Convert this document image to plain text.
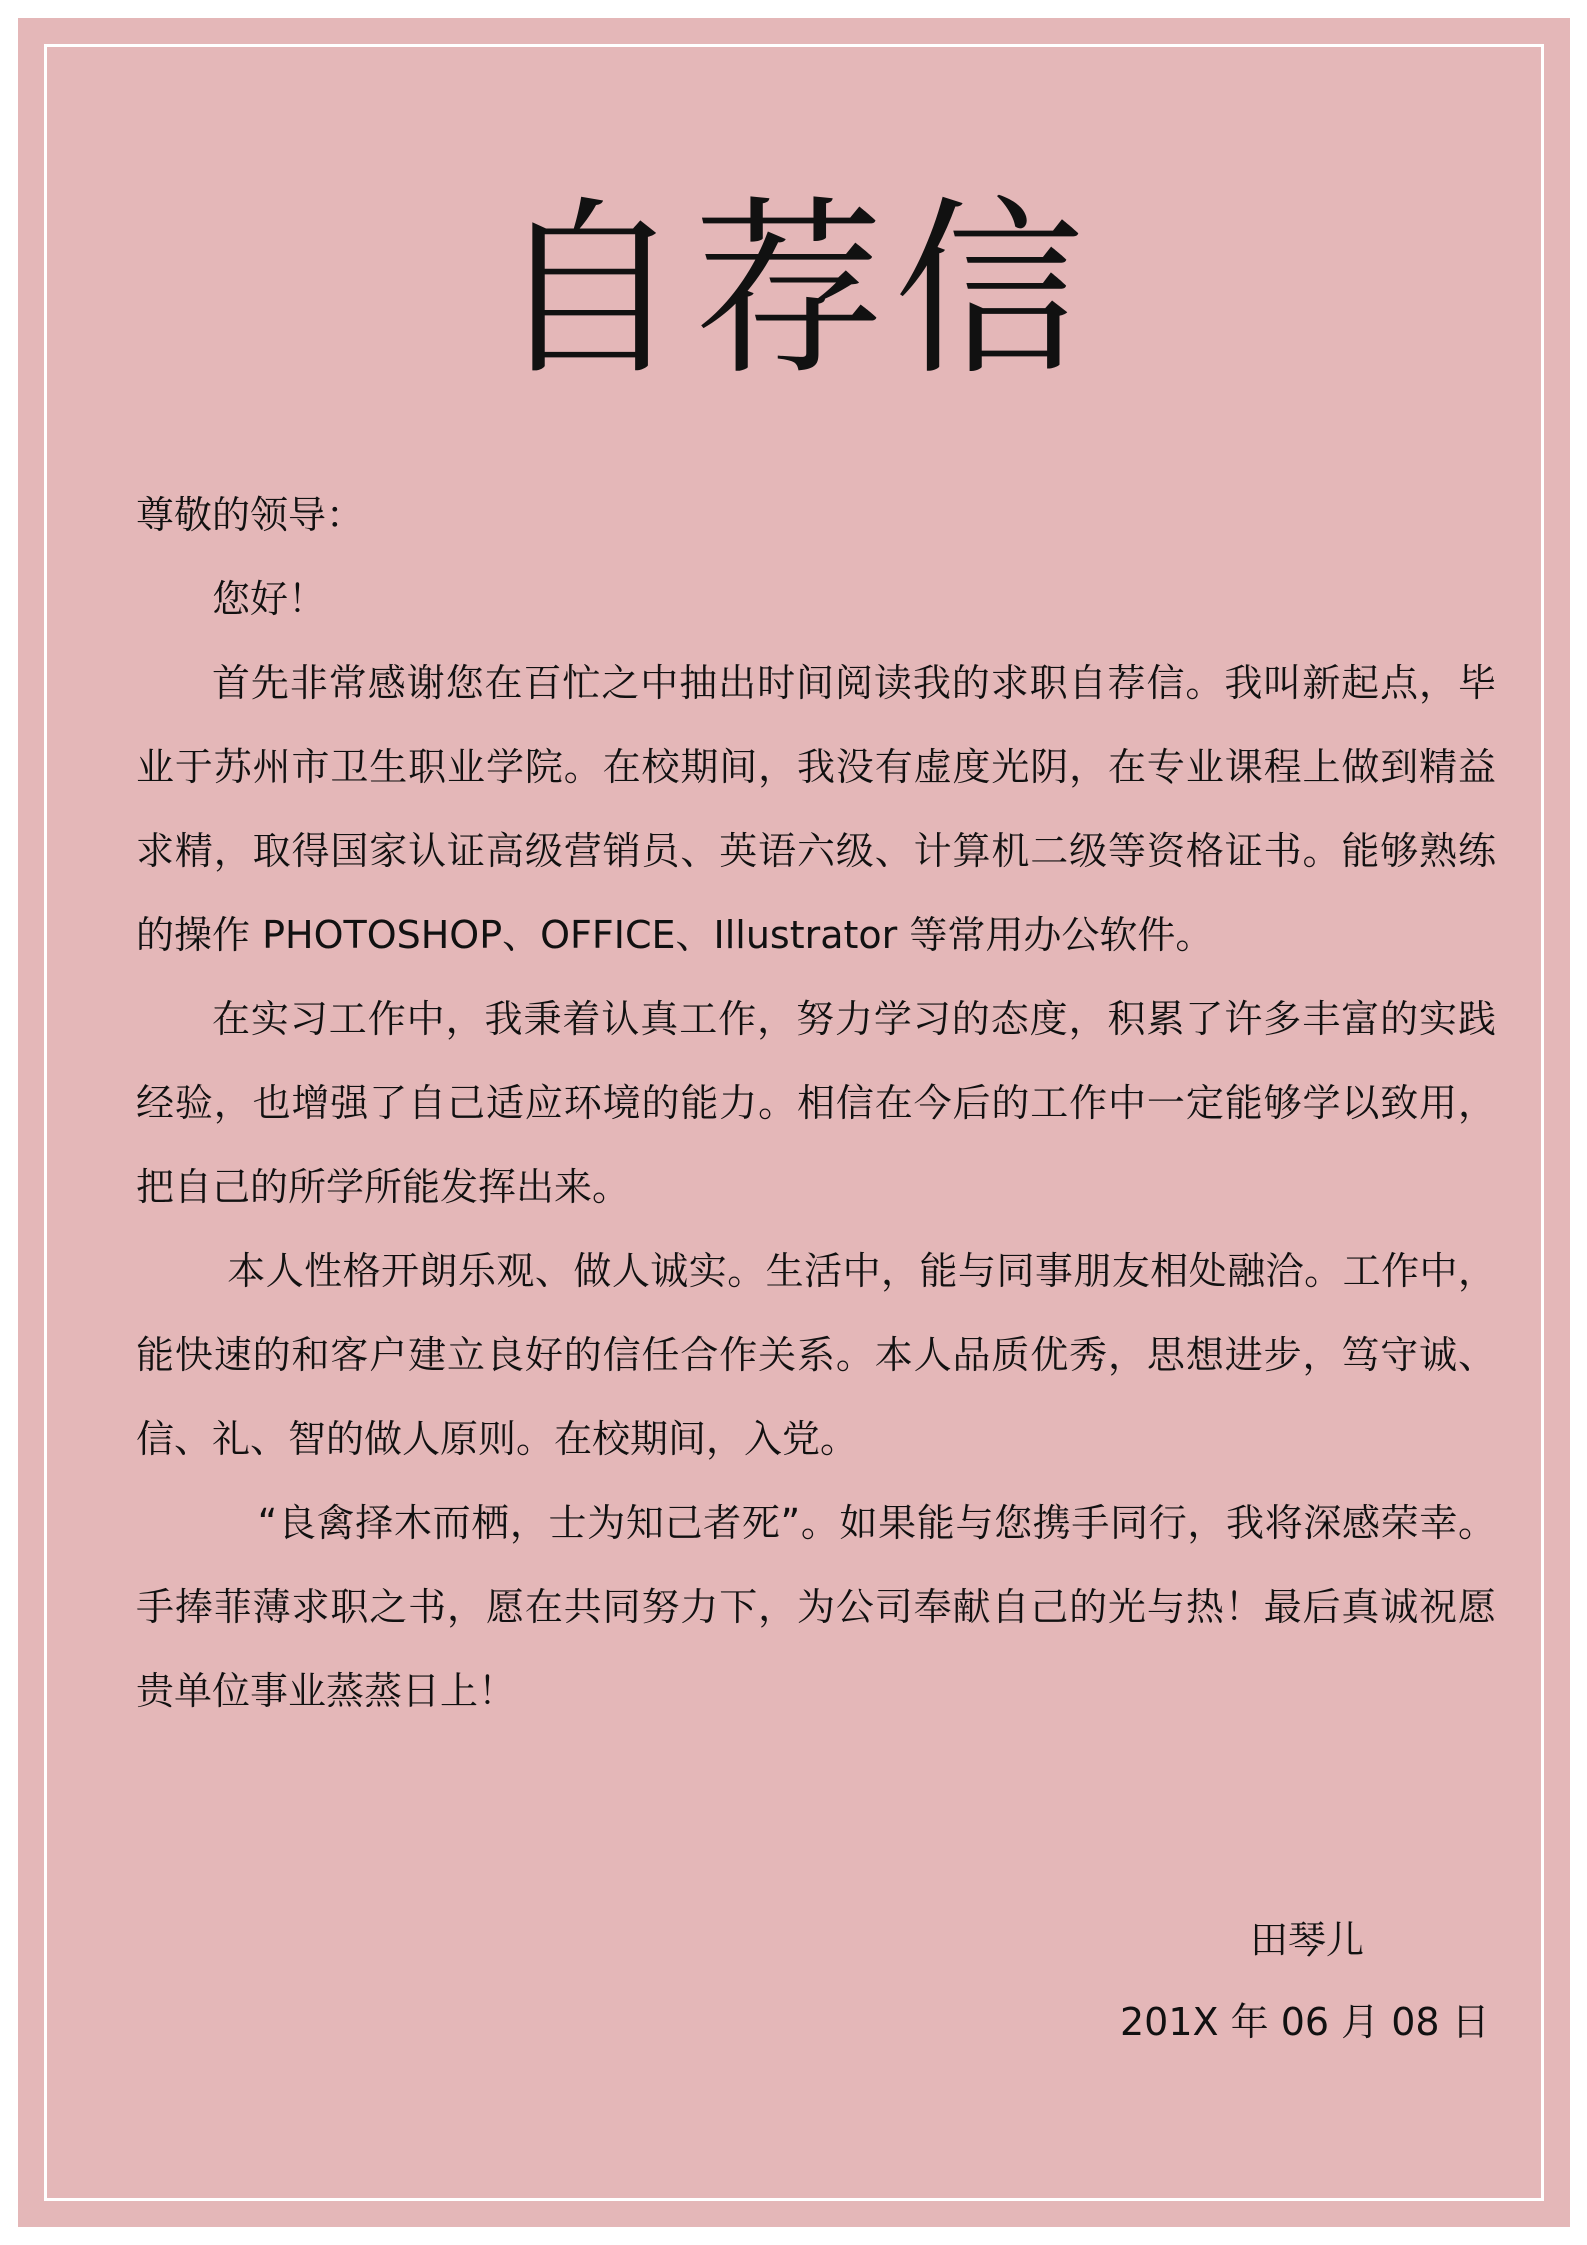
自荐信

尊敬的领导：

您好！

首先非常感谢您在百忙之中抽出时间阅读我的求职自荐信。我叫新起点，毕业于苏州市卫生职业学院。在校期间，我没有虚度光阴，在专业课程上做到精益求精，取得国家认证高级营销员、英语六级、计算机二级等资格证书。能够熟练的操作 PHOTOSHOP、OFFICE、Illustrator 等常用办公软件。

在实习工作中，我秉着认真工作，努力学习的态度，积累了许多丰富的实践经验，也增强了自己适应环境的能力。相信在今后的工作中一定能够学以致用，把自己的所学所能发挥出来。

本人性格开朗乐观、做人诚实。生活中，能与同事朋友相处融洽。工作中，能快速的和客户建立良好的信任合作关系。本人品质优秀，思想进步，笃守诚、信、礼、智的做人原则。在校期间，入党。

“良禽择木而栖，士为知己者死”。如果能与您携手同行，我将深感荣幸。手捧菲薄求职之书，愿在共同努力下，为公司奉献自己的光与热！最后真诚祝愿贵单位事业蒸蒸日上！

田琴儿
201X 年 06 月 08 日
